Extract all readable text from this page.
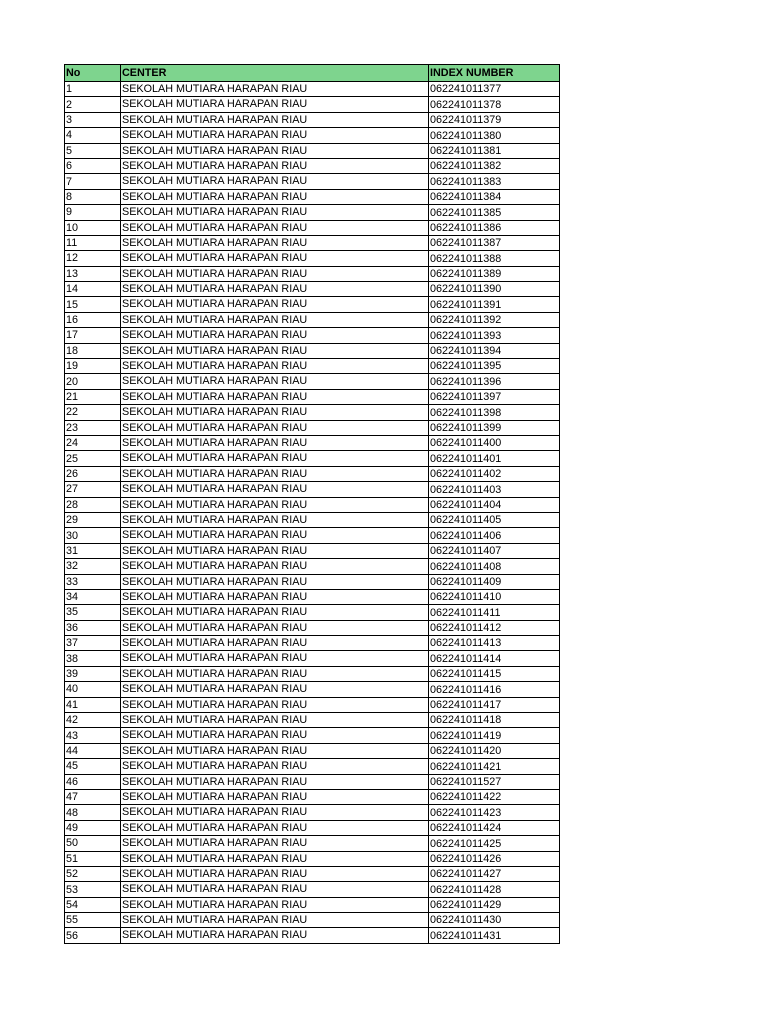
No	CENTER	INDEX NUMBER
1	SEKOLAH MUTIARA HARAPAN RIAU	062241011377
2	SEKOLAH MUTIARA HARAPAN RIAU	062241011378
3	SEKOLAH MUTIARA HARAPAN RIAU	062241011379
4	SEKOLAH MUTIARA HARAPAN RIAU	062241011380
5	SEKOLAH MUTIARA HARAPAN RIAU	062241011381
6	SEKOLAH MUTIARA HARAPAN RIAU	062241011382
7	SEKOLAH MUTIARA HARAPAN RIAU	062241011383
8	SEKOLAH MUTIARA HARAPAN RIAU	062241011384
9	SEKOLAH MUTIARA HARAPAN RIAU	062241011385
10	SEKOLAH MUTIARA HARAPAN RIAU	062241011386
11	SEKOLAH MUTIARA HARAPAN RIAU	062241011387
12	SEKOLAH MUTIARA HARAPAN RIAU	062241011388
13	SEKOLAH MUTIARA HARAPAN RIAU	062241011389
14	SEKOLAH MUTIARA HARAPAN RIAU	062241011390
15	SEKOLAH MUTIARA HARAPAN RIAU	062241011391
16	SEKOLAH MUTIARA HARAPAN RIAU	062241011392
17	SEKOLAH MUTIARA HARAPAN RIAU	062241011393
18	SEKOLAH MUTIARA HARAPAN RIAU	062241011394
19	SEKOLAH MUTIARA HARAPAN RIAU	062241011395
20	SEKOLAH MUTIARA HARAPAN RIAU	062241011396
21	SEKOLAH MUTIARA HARAPAN RIAU	062241011397
22	SEKOLAH MUTIARA HARAPAN RIAU	062241011398
23	SEKOLAH MUTIARA HARAPAN RIAU	062241011399
24	SEKOLAH MUTIARA HARAPAN RIAU	062241011400
25	SEKOLAH MUTIARA HARAPAN RIAU	062241011401
26	SEKOLAH MUTIARA HARAPAN RIAU	062241011402
27	SEKOLAH MUTIARA HARAPAN RIAU	062241011403
28	SEKOLAH MUTIARA HARAPAN RIAU	062241011404
29	SEKOLAH MUTIARA HARAPAN RIAU	062241011405
30	SEKOLAH MUTIARA HARAPAN RIAU	062241011406
31	SEKOLAH MUTIARA HARAPAN RIAU	062241011407
32	SEKOLAH MUTIARA HARAPAN RIAU	062241011408
33	SEKOLAH MUTIARA HARAPAN RIAU	062241011409
34	SEKOLAH MUTIARA HARAPAN RIAU	062241011410
35	SEKOLAH MUTIARA HARAPAN RIAU	062241011411
36	SEKOLAH MUTIARA HARAPAN RIAU	062241011412
37	SEKOLAH MUTIARA HARAPAN RIAU	062241011413
38	SEKOLAH MUTIARA HARAPAN RIAU	062241011414
39	SEKOLAH MUTIARA HARAPAN RIAU	062241011415
40	SEKOLAH MUTIARA HARAPAN RIAU	062241011416
41	SEKOLAH MUTIARA HARAPAN RIAU	062241011417
42	SEKOLAH MUTIARA HARAPAN RIAU	062241011418
43	SEKOLAH MUTIARA HARAPAN RIAU	062241011419
44	SEKOLAH MUTIARA HARAPAN RIAU	062241011420
45	SEKOLAH MUTIARA HARAPAN RIAU	062241011421
46	SEKOLAH MUTIARA HARAPAN RIAU	062241011527
47	SEKOLAH MUTIARA HARAPAN RIAU	062241011422
48	SEKOLAH MUTIARA HARAPAN RIAU	062241011423
49	SEKOLAH MUTIARA HARAPAN RIAU	062241011424
50	SEKOLAH MUTIARA HARAPAN RIAU	062241011425
51	SEKOLAH MUTIARA HARAPAN RIAU	062241011426
52	SEKOLAH MUTIARA HARAPAN RIAU	062241011427
53	SEKOLAH MUTIARA HARAPAN RIAU	062241011428
54	SEKOLAH MUTIARA HARAPAN RIAU	062241011429
55	SEKOLAH MUTIARA HARAPAN RIAU	062241011430
56	SEKOLAH MUTIARA HARAPAN RIAU	062241011431
